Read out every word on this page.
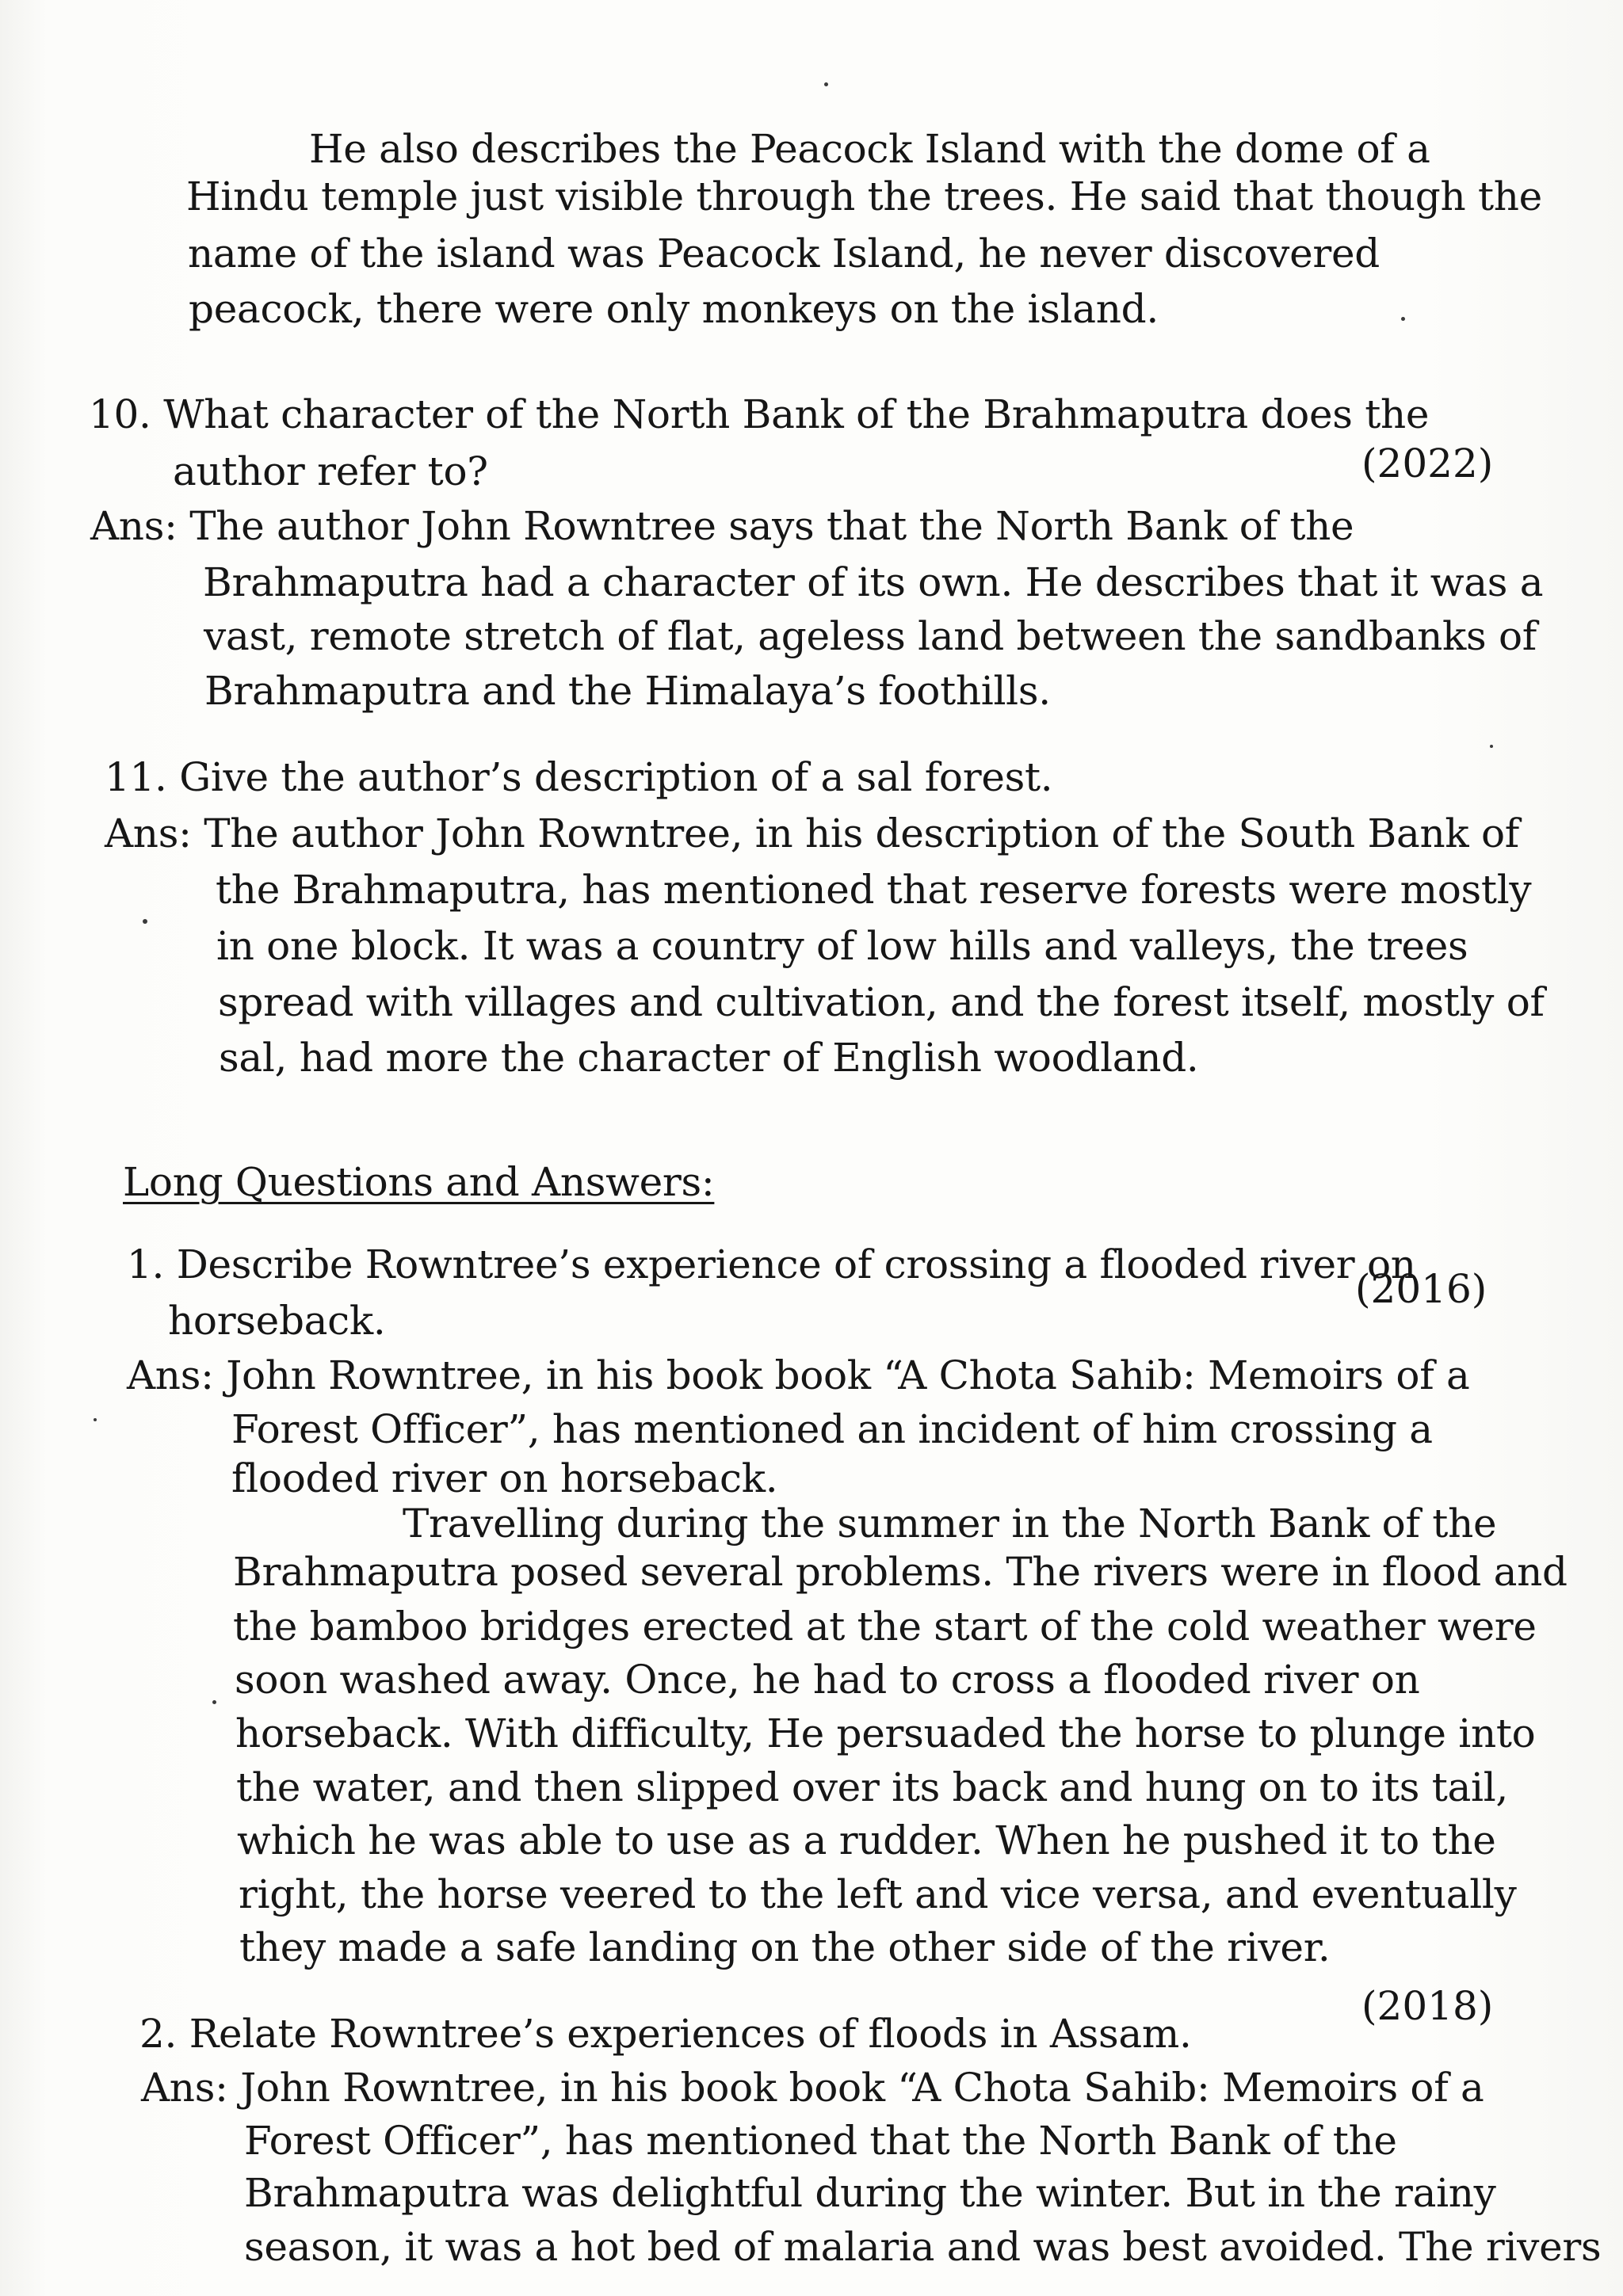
He also describes the Peacock Island with the dome of a
Hindu temple just visible through the trees. He said that though the
name of the island was Peacock Island, he never discovered
peacock, there were only monkeys on the island.
10. What character of the North Bank of the Brahmaputra does the
author refer to?	(2022)
Ans: The author John Rowntree says that the North Bank of the
Brahmaputra had a character of its own. He describes that it was a
vast, remote stretch of flat, ageless land between the sandbanks of
Brahmaputra and the Himalaya’s foothills.
11. Give the author’s description of a sal forest.
Ans: The author John Rowntree, in his description of the South Bank of
the Brahmaputra, has mentioned that reserve forests were mostly
in one block. It was a country of low hills and valleys, the trees
spread with villages and cultivation, and the forest itself, mostly of
sal, had more the character of English woodland.
Long Questions and Answers:
1. Describe Rowntree’s experience of crossing a flooded river on
horseback.
(2016)
Ans: John Rowntree, in his book book “A Chota Sahib: Memoirs of a
Forest Officer”, has mentioned an incident of him crossing a
flooded river on horseback.
Travelling during the summer in the North Bank of the
Brahmaputra posed several problems. The rivers were in flood and
the bamboo bridges erected at the start of the cold weather were
soon washed away. Once, he had to cross a flooded river on
horseback. With difficulty, He persuaded the horse to plunge into
the water, and then slipped over its back and hung on to its tail,
which he was able to use as a rudder. When he pushed it to the
right, the horse veered to the left and vice versa, and eventually
they made a safe landing on the other side of the river.
2. Relate Rowntree’s experiences of floods in Assam.
(2018)
Ans: John Rowntree, in his book book “A Chota Sahib: Memoirs of a
Forest Officer”, has mentioned that the North Bank of the
Brahmaputra was delightful during the winter. But in the rainy
season, it was a hot bed of malaria and was best avoided. The rivers
